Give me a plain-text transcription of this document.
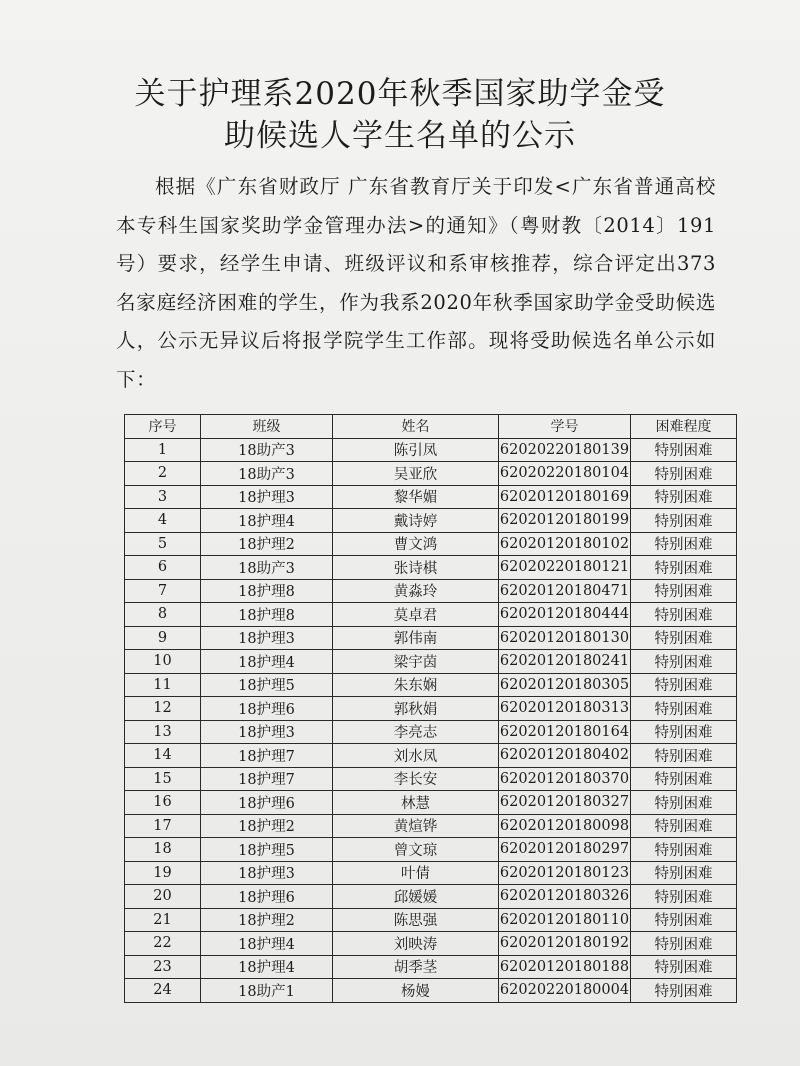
关于护理系2020年秋季国家助学金受
助候选人学生名单的公示

根据《广东省财政厅 广东省教育厅关于印发<广东省普通高校本专科生国家奖助学金管理办法>的通知》（粤财教〔2014〕191号）要求，经学生申请、班级评议和系审核推荐，综合评定出373名家庭经济困难的学生，作为我系2020年秋季国家助学金受助候选人，公示无异议后将报学院学生工作部。现将受助候选名单公示如下：

序号	班级	姓名	学号	困难程度
1	18助产3	陈引凤	62020220180139	特别困难
2	18助产3	吴亚欣	62020220180104	特别困难
3	18护理3	黎华媚	62020120180169	特别困难
4	18护理4	戴诗婷	62020120180199	特别困难
5	18护理2	曹文鸿	62020120180102	特别困难
6	18助产3	张诗棋	62020220180121	特别困难
7	18护理8	黄淼玲	62020120180471	特别困难
8	18护理8	莫卓君	62020120180444	特别困难
9	18护理3	郭伟南	62020120180130	特别困难
10	18护理4	梁宇茵	62020120180241	特别困难
11	18护理5	朱东娴	62020120180305	特别困难
12	18护理6	郭秋娟	62020120180313	特别困难
13	18护理3	李亮志	62020120180164	特别困难
14	18护理7	刘水凤	62020120180402	特别困难
15	18护理7	李长安	62020120180370	特别困难
16	18护理6	林慧	62020120180327	特别困难
17	18护理2	黄煊铧	62020120180098	特别困难
18	18护理5	曾文琼	62020120180297	特别困难
19	18护理3	叶倩	62020120180123	特别困难
20	18护理6	邱媛媛	62020120180326	特别困难
21	18护理2	陈思强	62020120180110	特别困难
22	18护理4	刘映涛	62020120180192	特别困难
23	18护理4	胡季茎	62020120180188	特别困难
24	18助产1	杨嫚	62020220180004	特别困难
